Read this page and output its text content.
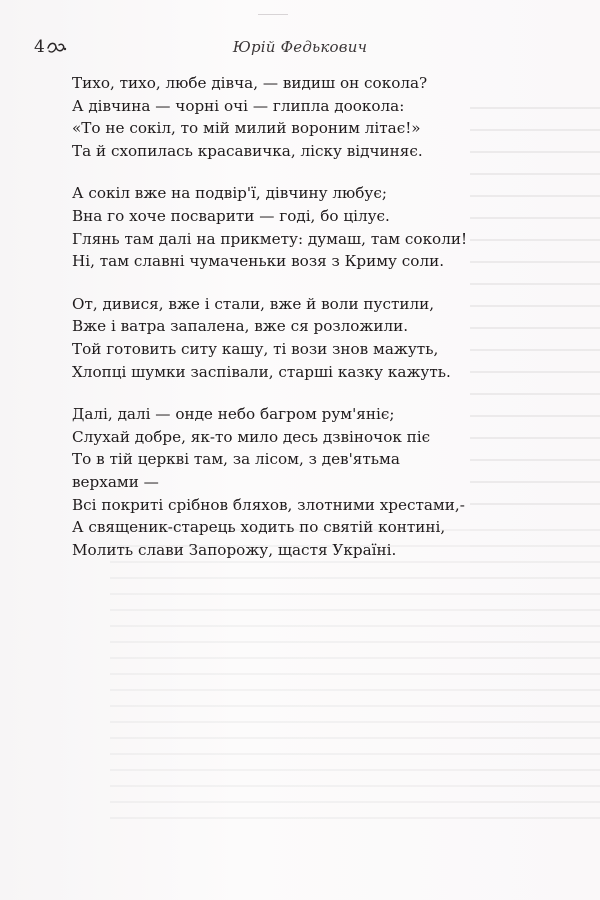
4	Юрій Федькович
Тихо, тихо, любе дівча, — видиш он сокола?
А дівчина — чорні очі — глипла доокола:
«То не сокіл, то мій милий вороним літає!»
Та й схопилась красавичка, ліску відчиняє.
А сокіл вже на подвір'ї, дівчину любує;
Вна го хоче посварити — годі, бо цілує.
Глянь там далі на прикмету: думаш, там соколи!
Ні, там славні чумаченьки возя з Криму соли.
От, дивися, вже і стали, вже й воли пустили,
Вже і ватра запалена, вже ся розложили.
Той готовить ситу кашу, ті вози знов мажуть,
Хлопці шумки заспівали, старші казку кажуть.
Далі, далі — онде небо багром рум'яніє;
Слухай добре, як-то мило десь дзвіночок піє
То в тій церкві там, за лісом, з дев'ятьма
верхами —
Всі покриті срібнов бляхов, злотними хрестами,-
А священик-старець ходить по святій контині,
Молить слави Запорожу, щастя Україні.
